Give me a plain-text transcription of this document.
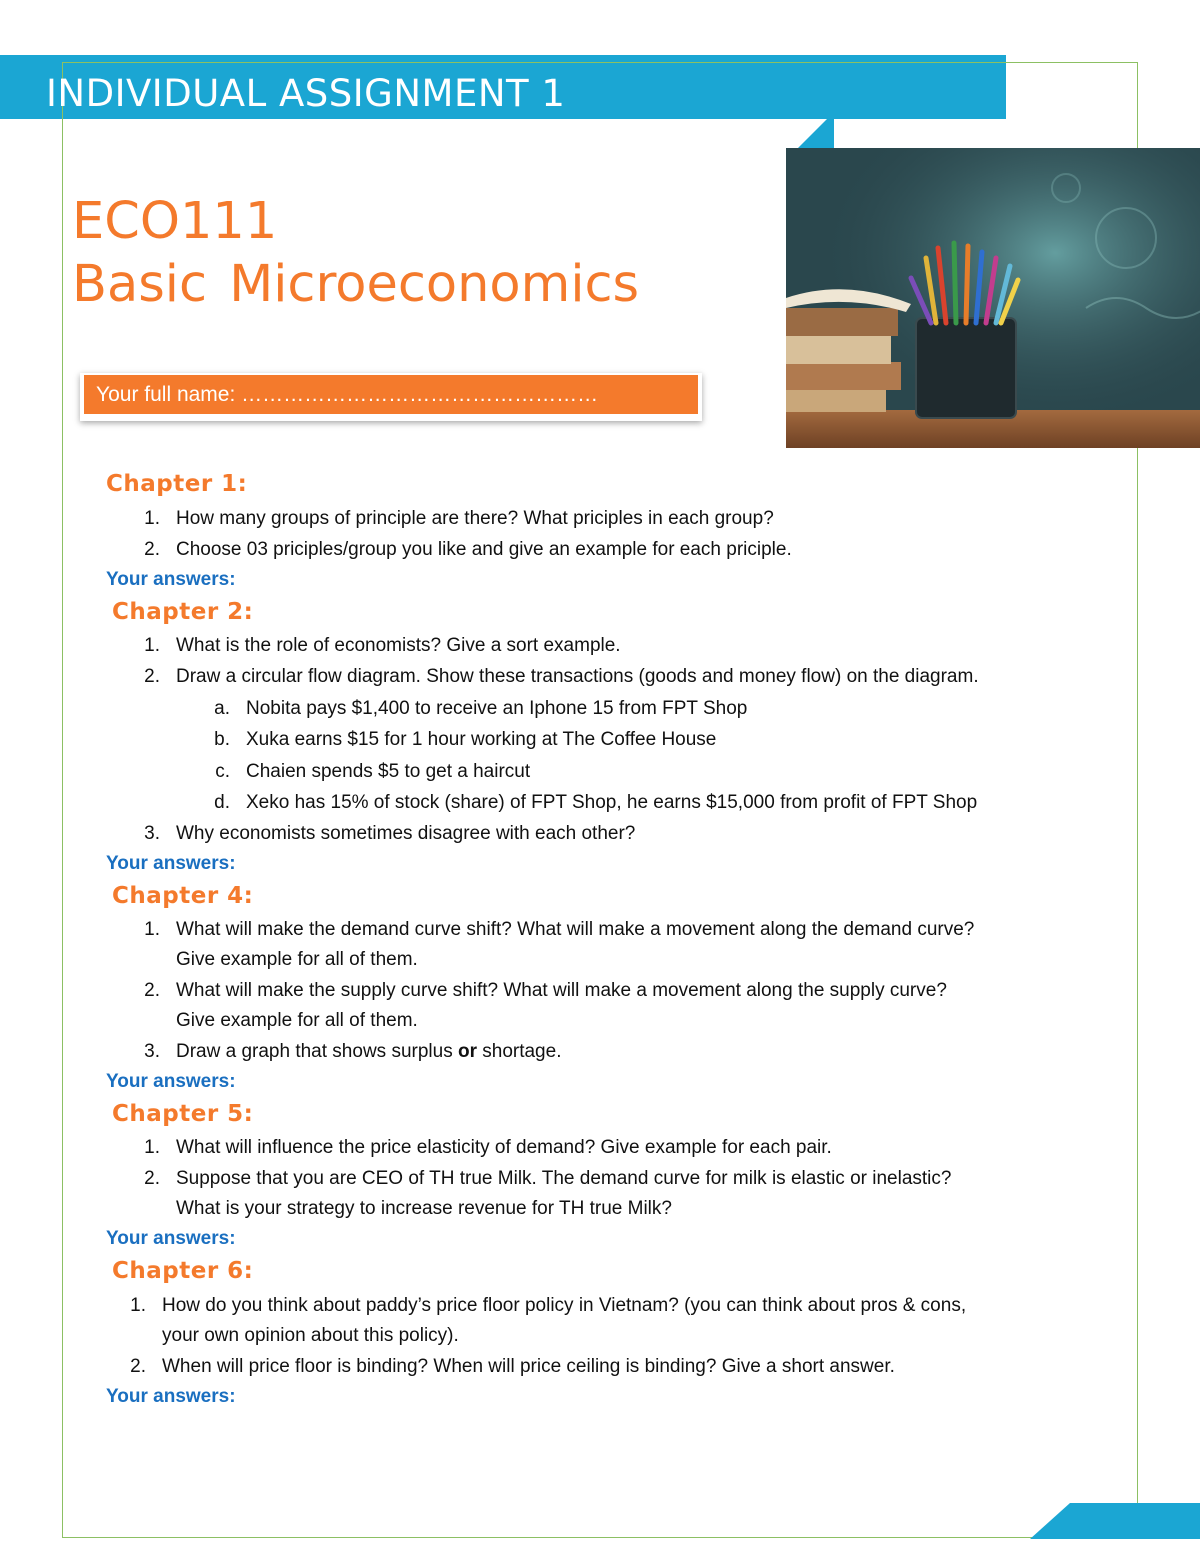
INDIVIDUAL ASSIGNMENT 1
ECO111
Basic Microeconomics
Your full name: ……………………………………………
Chapter 1:
1. How many groups of principle are there? What priciples in each group?
2. Choose 03 priciples/group you like and give an example for each priciple.
Your answers:
Chapter 2:
1. What is the role of economists? Give a sort example.
2. Draw a circular flow diagram. Show these transactions (goods and money flow) on the diagram.
a. Nobita pays $1,400 to receive an Iphone 15 from FPT Shop
b. Xuka earns $15 for 1 hour working at The Coffee House
c. Chaien spends $5 to get a haircut
d. Xeko has 15% of stock (share) of FPT Shop, he earns $15,000 from profit of FPT Shop
3. Why economists sometimes disagree with each other?
Your answers:
Chapter 4:
1. What will make the demand curve shift? What will make a movement along the demand curve?
Give example for all of them.
2. What will make the supply curve shift? What will make a movement along the supply curve?
Give example for all of them.
3. Draw a graph that shows surplus or shortage.
Your answers:
Chapter 5:
1. What will influence the price elasticity of demand? Give example for each pair.
2. Suppose that you are CEO of TH true Milk. The demand curve for milk is elastic or inelastic?
What is your strategy to increase revenue for TH true Milk?
Your answers:
Chapter 6:
1. How do you think about paddy’s price floor policy in Vietnam? (you can think about pros & cons,
your own opinion about this policy).
2. When will price floor is binding? When will price ceiling is binding? Give a short answer.
Your answers:
